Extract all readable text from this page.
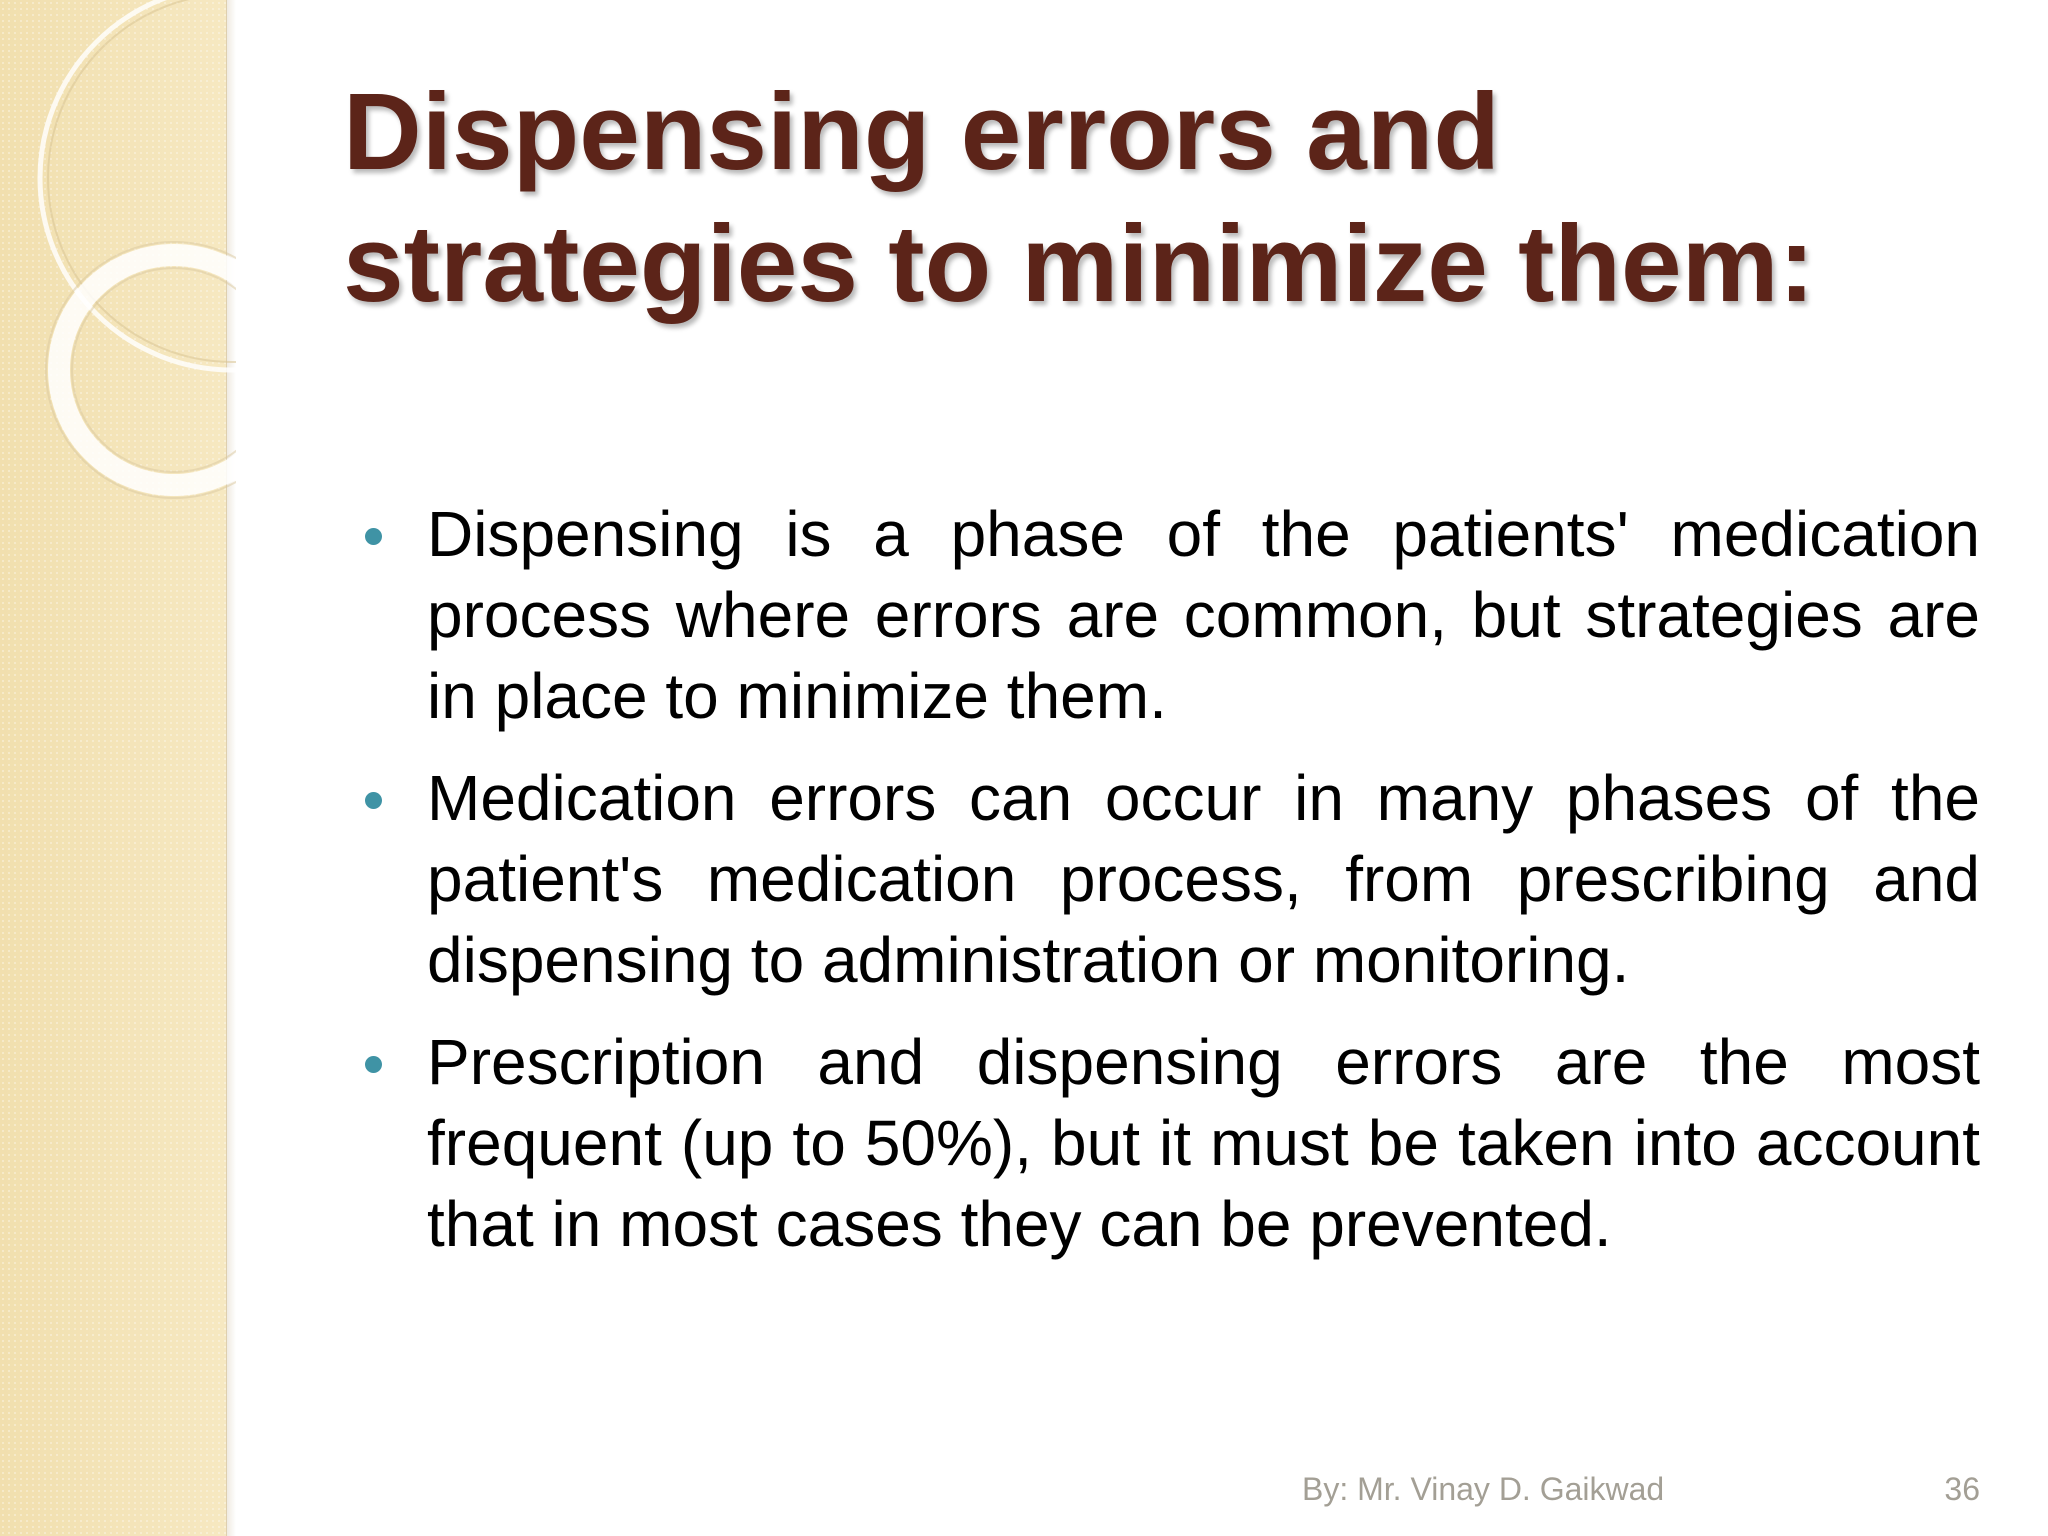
Dispensing errors and
strategies to minimize them:
Dispensing is a phase of the patients' medication process where errors are common, but strategies are in place to minimize them.
Medication errors can occur in many phases of the patient's medication process, from prescribing and dispensing to administration or monitoring.
Prescription and dispensing errors are the most frequent (up to 50%), but it must be taken into account that in most cases they can be prevented.
By: Mr. Vinay D. Gaikwad	36
